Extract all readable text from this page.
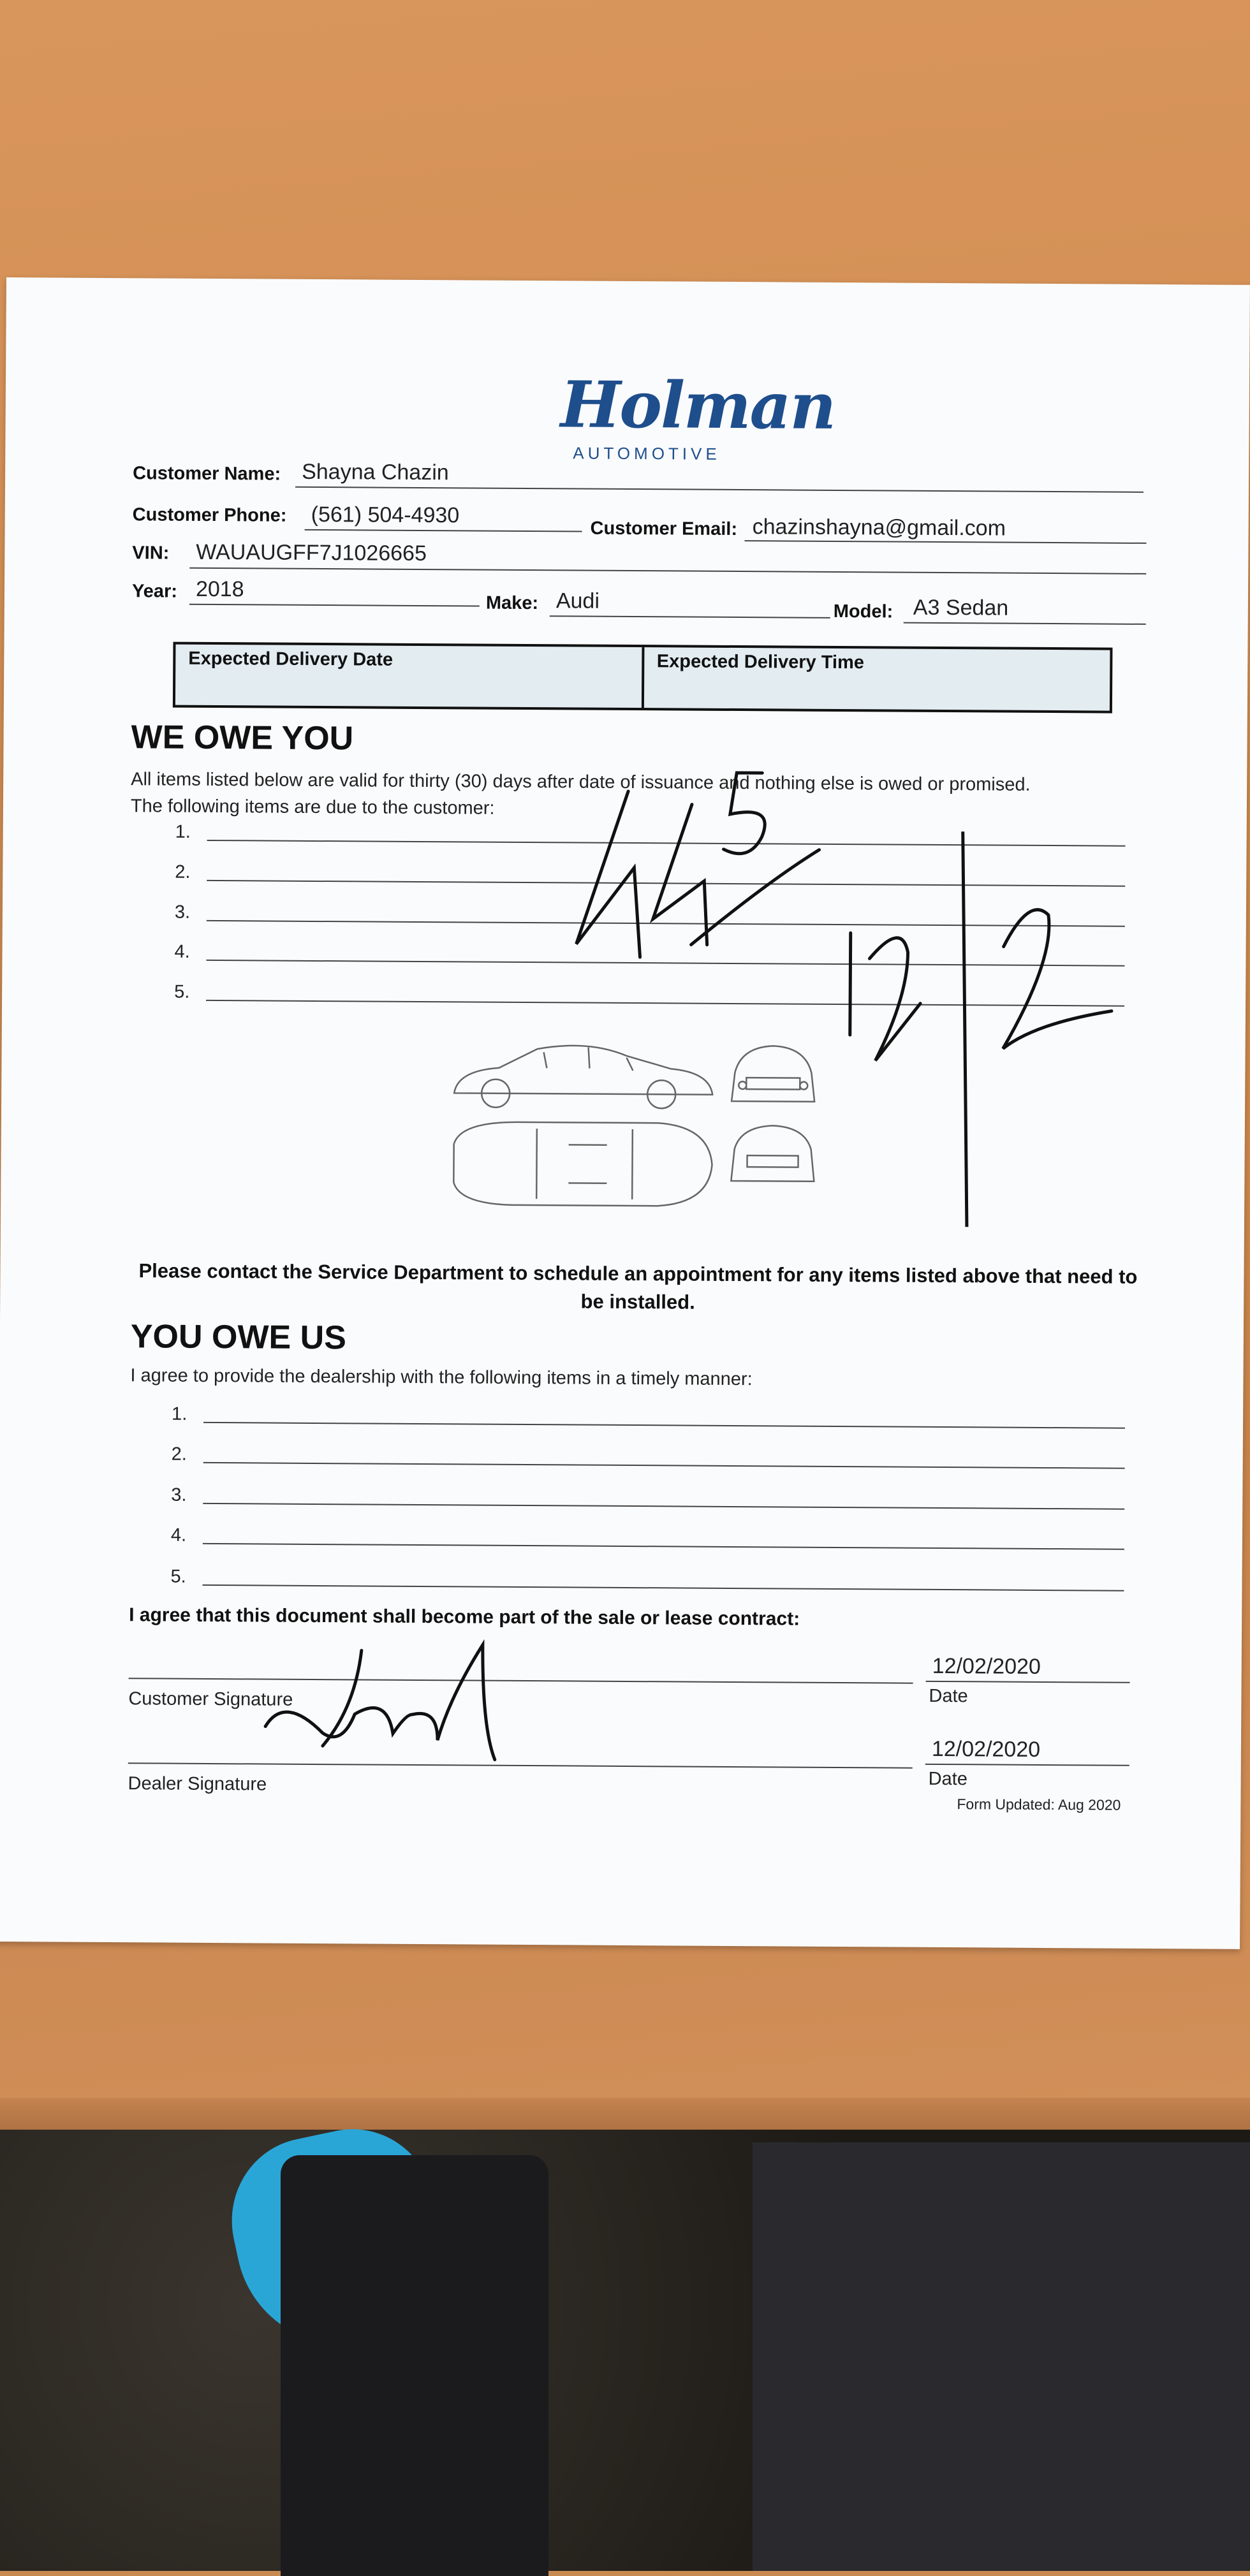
Holman
AUTOMOTIVE
Customer Name: Shayna Chazin
Customer Phone: (561) 504-4930
Customer Email: chazinshayna@gmail.com
VIN: WAUAUGFF7J1026665
Year: 2018
Make: Audi	Model: A3 Sedan
Expected Delivery Date	Expected Delivery Time
WE OWE YOU
All items listed below are valid for thirty (30) days after date of issuance and nothing else is owed or promised.
The following items are due to the customer:
1.
2.
3.
4.
5.
Please contact the Service Department to schedule an appointment for any items listed above that need to be installed.
YOU OWE US
I agree to provide the dealership with the following items in a timely manner:
1.
2.
3.
4.
5.
I agree that this document shall become part of the sale or lease contract:
Customer Signature
12/02/2020
Date
Dealer Signature
12/02/2020
Date
Form Updated: Aug 2020
